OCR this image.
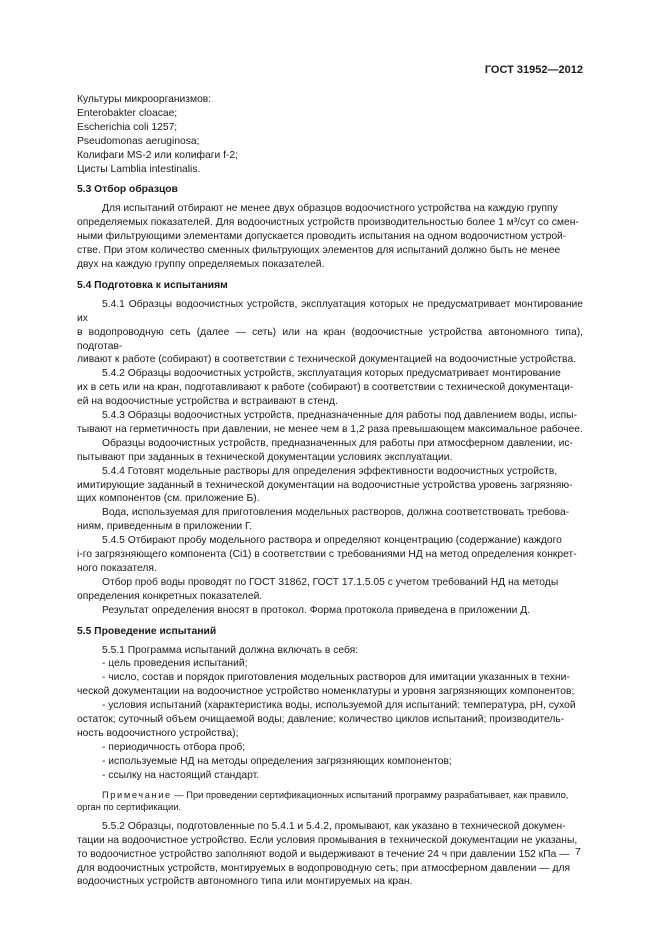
ГОСТ 31952—2012

Культуры микроорганизмов:

Enterobakter cloacae;

Escherichia coli 1257;

Pseudomonas aeruginosa;

Колифаги MS-2 или колифаги f-2;

Цисты Lamblia intestinalis.

5.3 Отбор образцов

Для испытаний отбирают не менее двух образцов водоочистного устройства на каждую группу

определяемых показателей. Для водоочистных устройств производительностью более 1 м³/сут со смен-

ными фильтрующими элементами допускается проводить испытания на одном водоочистном устрой-

стве. При этом количество сменных фильтрующих элементов для испытаний должно быть не менее

двух на каждую группу определяемых показателей.

5.4 Подготовка к испытаниям

5.4.1 Образцы водоочистных устройств, эксплуатация которых не предусматривает монтирование их

в водопроводную сеть (далее — сеть) или на кран (водоочистные устройства автономного типа), подготав-

ливают к работе (собирают) в соответствии с технической документацией на водоочистные устройства.

5.4.2 Образцы водоочистных устройств, эксплуатация которых предусматривает монтирование

их в сеть или на кран, подготавливают к работе (собирают) в соответствии с технической документаци-

ей на водоочистные устройства и встраивают в стенд.

5.4.3 Образцы водоочистных устройств, предназначенные для работы под давлением воды, испы-

тывают на герметичность при давлении, не менее чем в 1,2 раза превышающем максимальное рабочее.

Образцы водоочистных устройств, предназначенных для работы при атмосферном давлении, ис-

пытывают при заданных в технической документации условиях эксплуатации.

5.4.4 Готовят модельные растворы для определения эффективности водоочистных устройств,

имитирующие заданный в технической документации на водоочистные устройства уровень загрязняю-

щих компонентов (см. приложение Б).

Вода, используемая для приготовления модельных растворов, должна соответствовать требова-

ниям, приведенным в приложении Г.

5.4.5 Отбирают пробу модельного раствора и определяют концентрацию (содержание) каждого

i-го загрязняющего компонента (Ci1) в соответствии с требованиями НД на метод определения конкрет-

ного показателя.

Отбор проб воды проводят по ГОСТ 31862, ГОСТ 17.1.5.05 с учетом требований НД на методы

определения конкретных показателей.

Результат определения вносят в протокол. Форма протокола приведена в приложении Д.

5.5 Проведение испытаний

5.5.1 Программа испытаний должна включать в себя:

- цель проведения испытаний;

- число, состав и порядок приготовления модельных растворов для имитации указанных в техни-

ческой документации на водоочистное устройство номенклатуры и уровня загрязняющих компонентов;

- условия испытаний (характеристика воды, используемой для испытаний: температура, pH, сухой

остаток; суточный объем очищаемой воды; давление; количество циклов испытаний; производитель-

ность водоочистного устройства);

- периодичность отбора проб;

- используемые НД на методы определения загрязняющих компонентов;

- ссылку на настоящий стандарт.

Примечание — При проведении сертификационных испытаний программу разрабатывает, как правило,

орган по сертификации.

5.5.2 Образцы, подготовленные по 5.4.1 и 5.4.2, промывают, как указано в технической докумен-

тации на водоочистное устройство. Если условия промывания в технической документации не указаны,

то водоочистное устройство заполняют водой и выдерживают в течение 24 ч при давлении 152 кПа —

для водоочистных устройств, монтируемых в водопроводную сеть; при атмосферном давлении — для

водоочистных устройств автономного типа или монтируемых на кран.

7
